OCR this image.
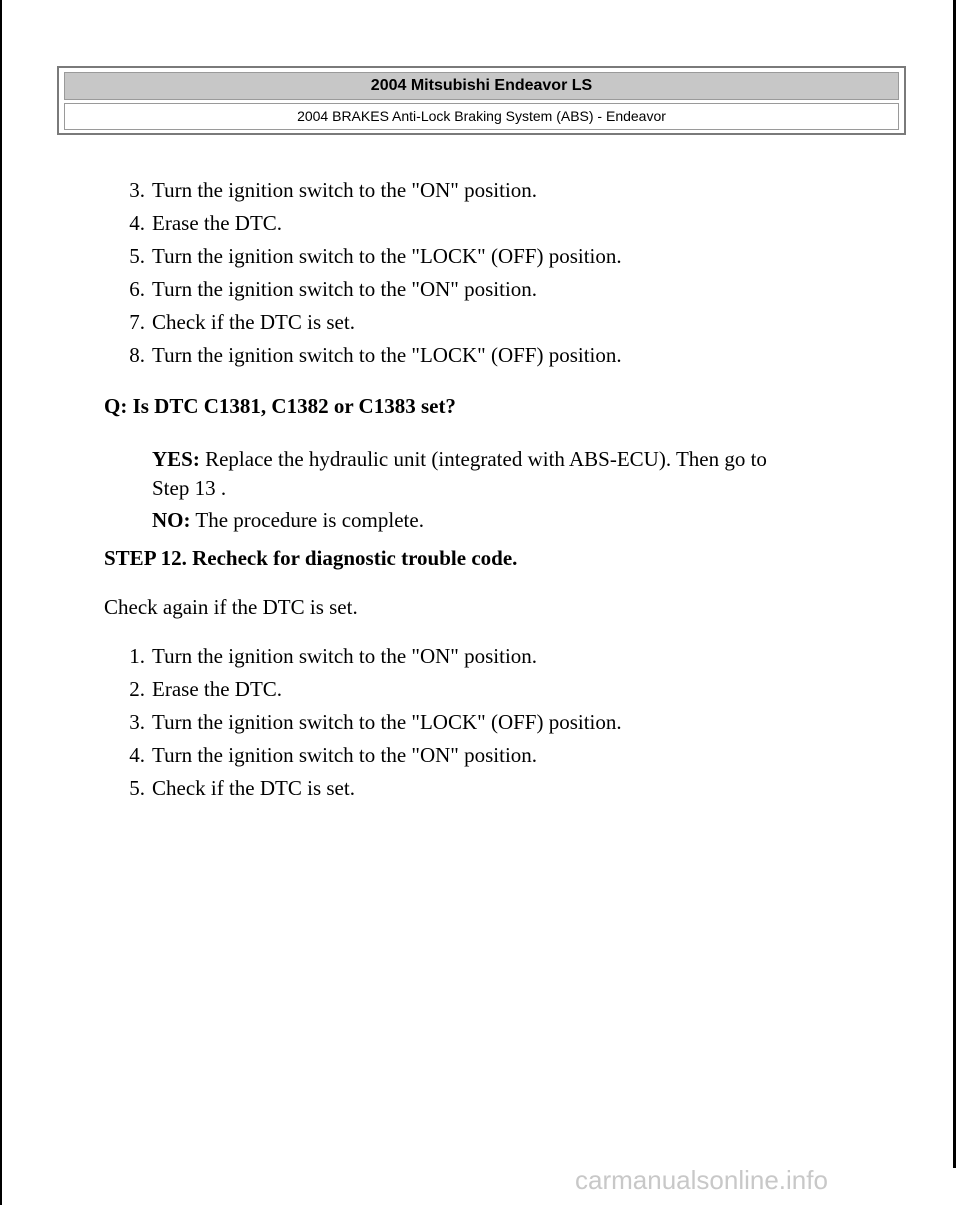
2004 Mitsubishi Endeavor LS
2004 BRAKES Anti-Lock Braking System (ABS) - Endeavor
3. Turn the ignition switch to the "ON" position.
4. Erase the DTC.
5. Turn the ignition switch to the "LOCK" (OFF) position.
6. Turn the ignition switch to the "ON" position.
7. Check if the DTC is set.
8. Turn the ignition switch to the "LOCK" (OFF) position.
Q: Is DTC C1381, C1382 or C1383 set?
YES: Replace the hydraulic unit (integrated with ABS-ECU). Then go to
Step 13 .
NO: The procedure is complete.
STEP 12. Recheck for diagnostic trouble code.
Check again if the DTC is set.
1. Turn the ignition switch to the "ON" position.
2. Erase the DTC.
3. Turn the ignition switch to the "LOCK" (OFF) position.
4. Turn the ignition switch to the "ON" position.
5. Check if the DTC is set.
carmanualsonline.info
